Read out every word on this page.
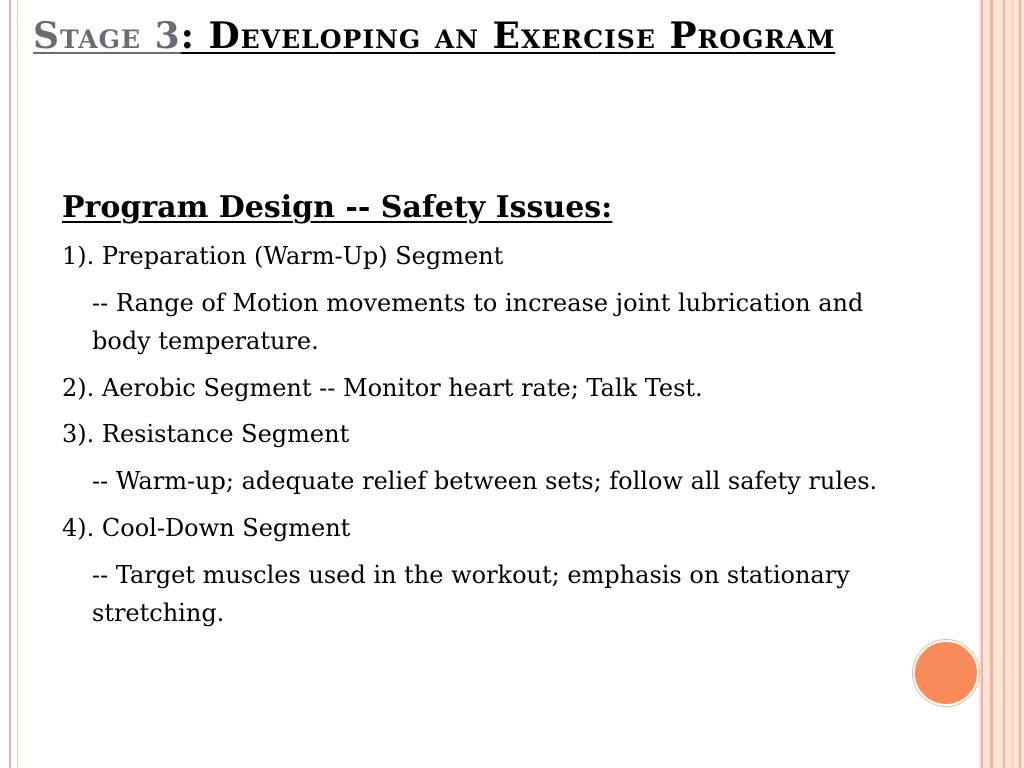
Stage 3: Developing an Exercise Program

Program Design -- Safety Issues:

1). Preparation (Warm-Up) Segment

-- Range of Motion movements to increase joint lubrication and body temperature.

2). Aerobic Segment -- Monitor heart rate; Talk Test.

3). Resistance Segment

-- Warm-up; adequate relief between sets; follow all safety rules.

4). Cool-Down Segment

-- Target muscles used in the workout; emphasis on stationary stretching.
